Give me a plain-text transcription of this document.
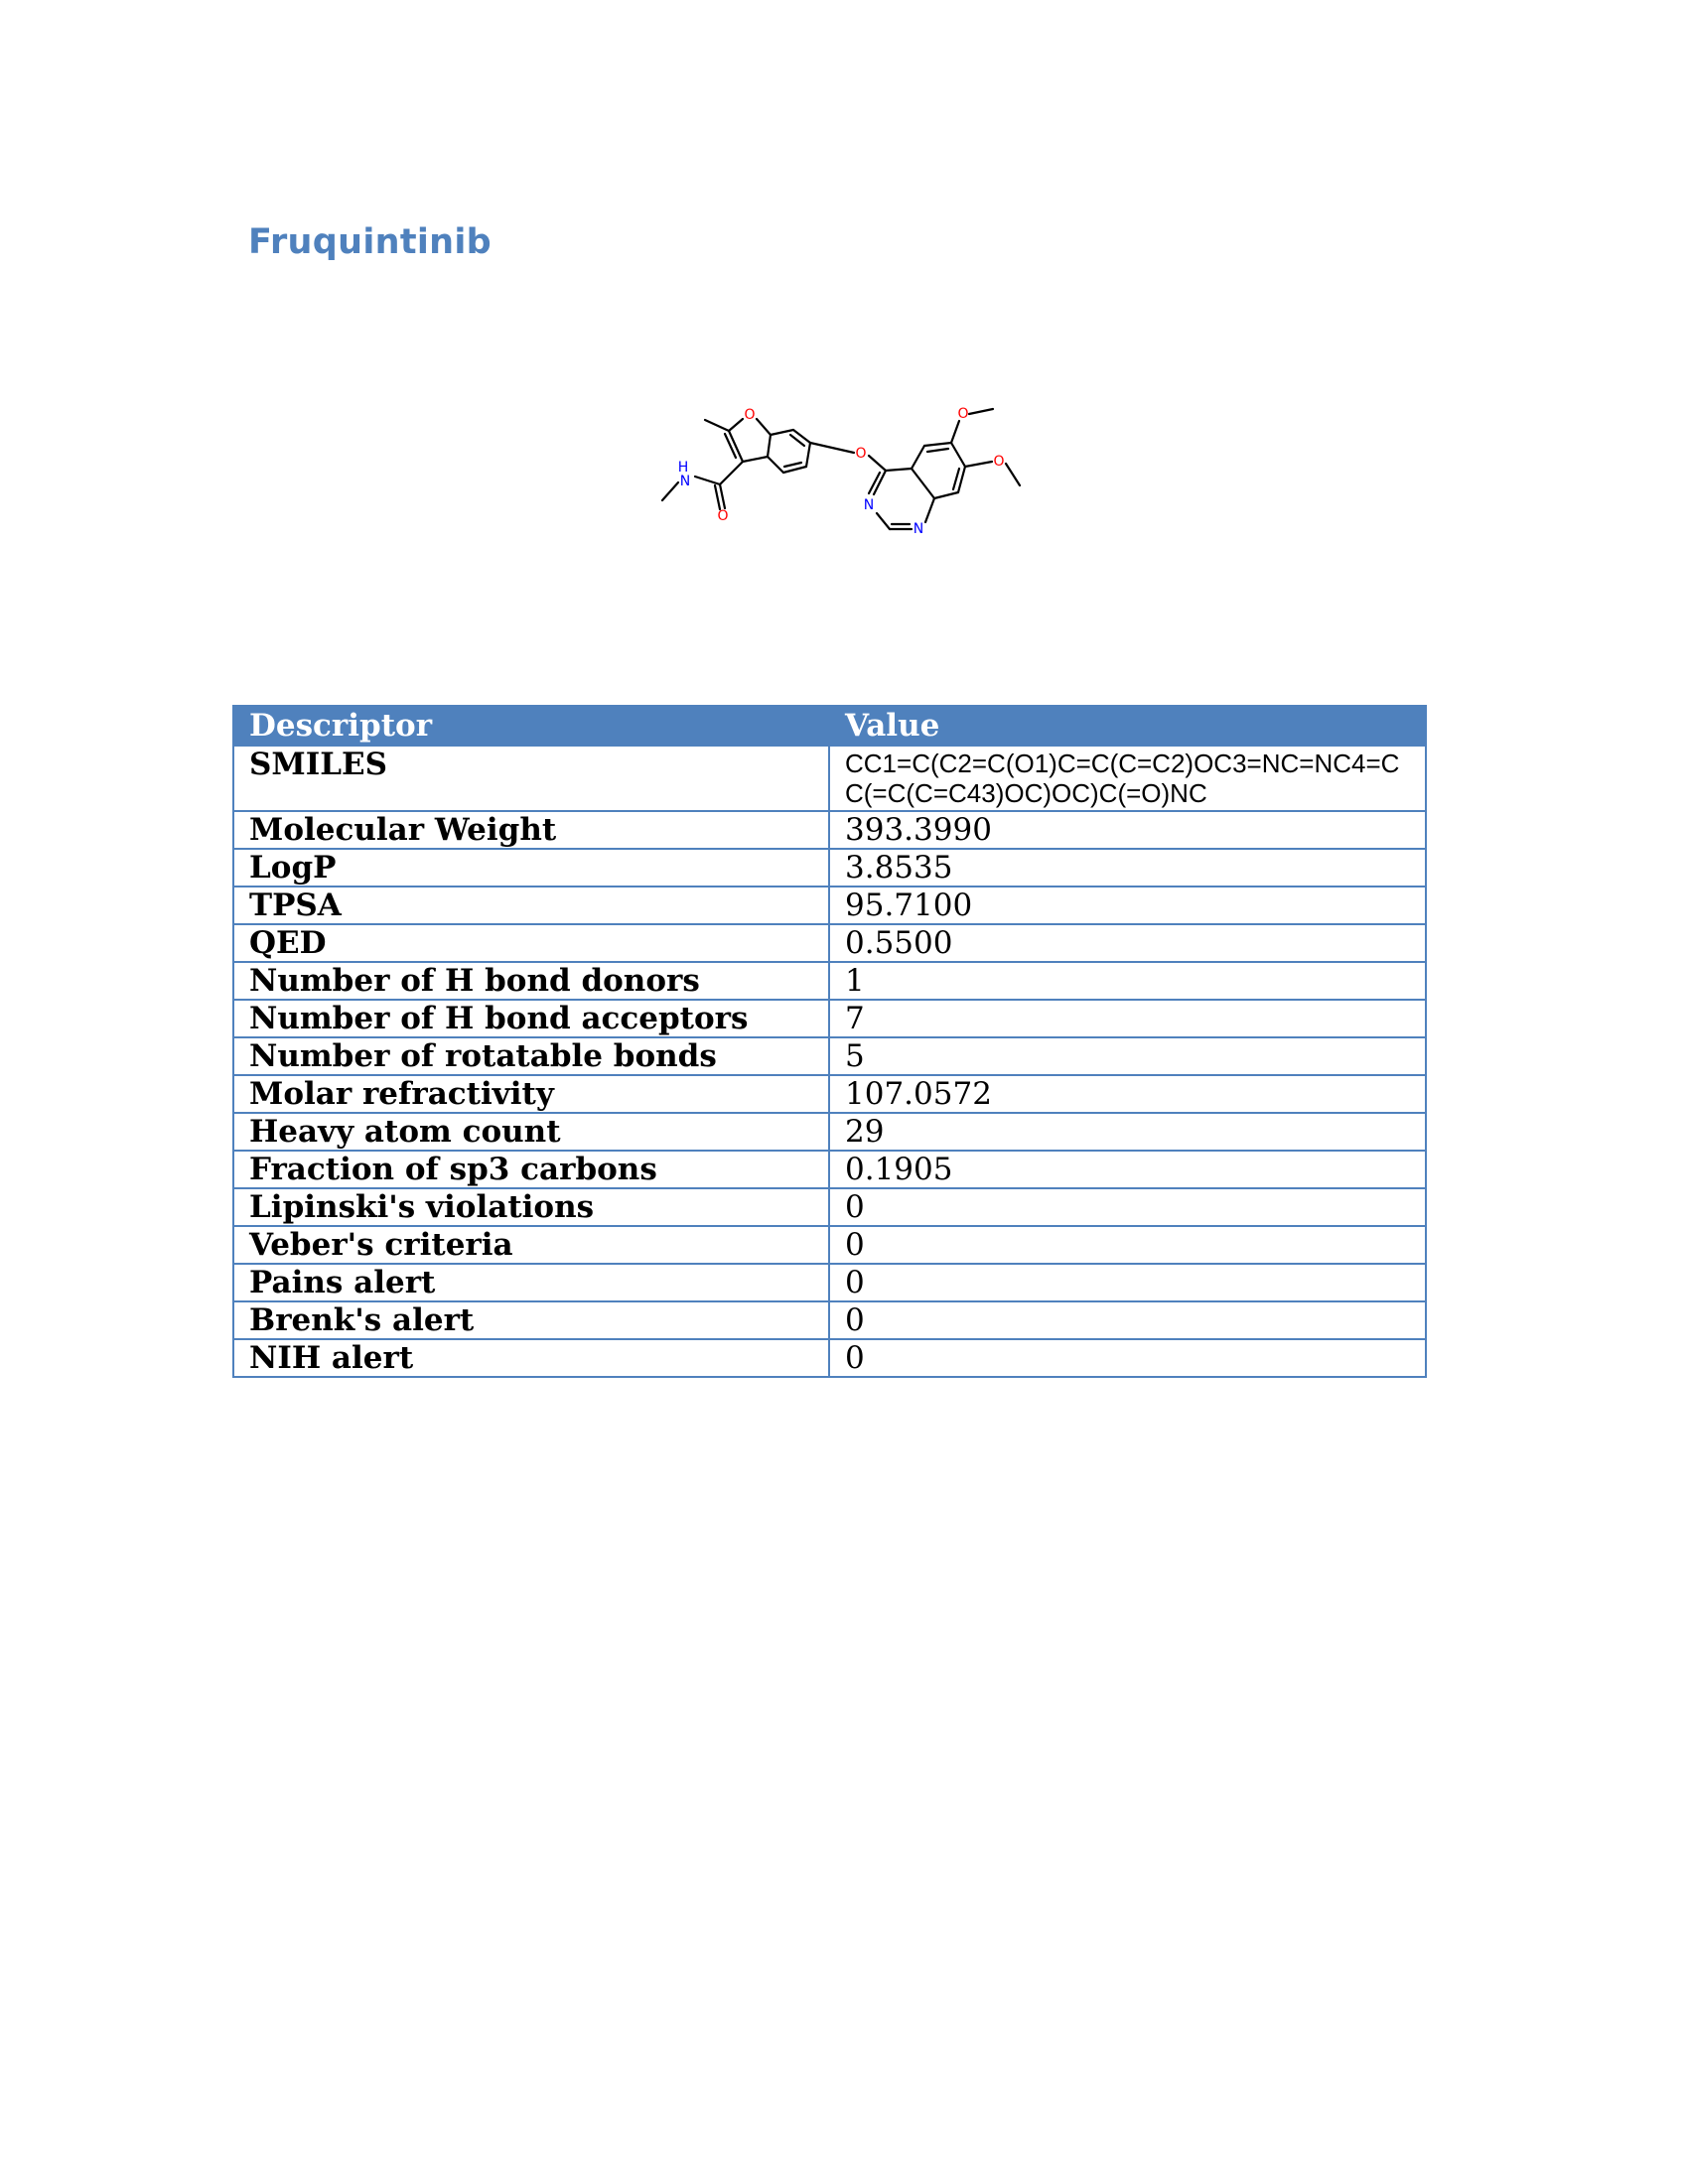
Fruquintinib
H
N
O
O
O
O
O
N
N
Descriptor	Value
SMILES	CC1=C(C2=C(O1)C=C(C=C2)OC3=NC=NC4=CC(=C(C=C43)OC)OC)C(=O)NC
Molecular Weight	393.3990
LogP	3.8535
TPSA	95.7100
QED	0.5500
Number of H bond donors	1
Number of H bond acceptors	7
Number of rotatable bonds	5
Molar refractivity	107.0572
Heavy atom count	29
Fraction of sp3 carbons	0.1905
Lipinski's violations	0
Veber's criteria	0
Pains alert	0
Brenk's alert	0
NIH alert	0
